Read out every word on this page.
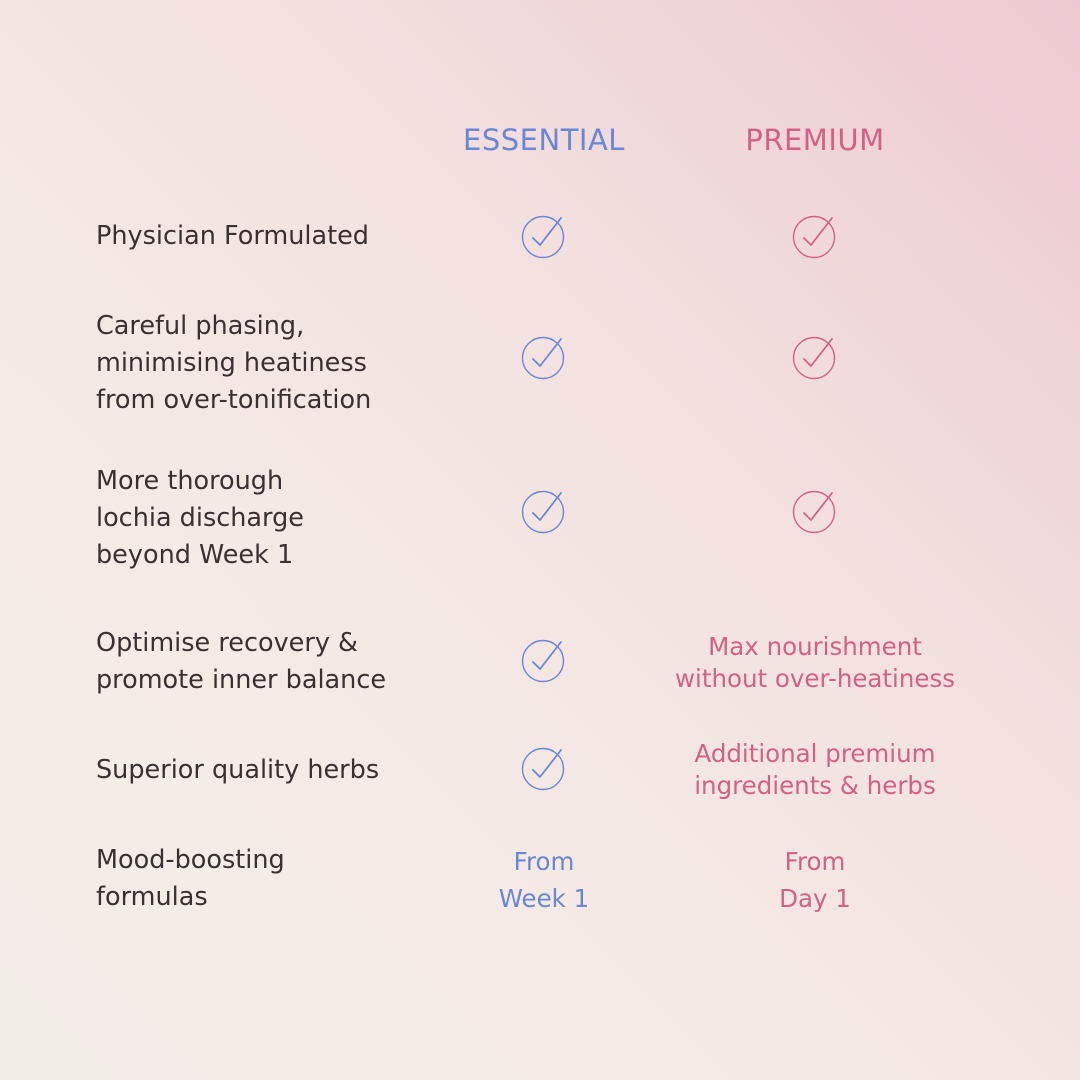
ESSENTIAL	PREMIUM
Physician Formulated
Careful phasing,
minimising heatiness
from over-tonification
More thorough
lochia discharge
beyond Week 1
Optimise recovery &
promote inner balance
Max nourishment
without over-heatiness
Superior quality herbs
Additional premium
ingredients & herbs
Mood-boosting
formulas
From
Week 1
From
Day 1
